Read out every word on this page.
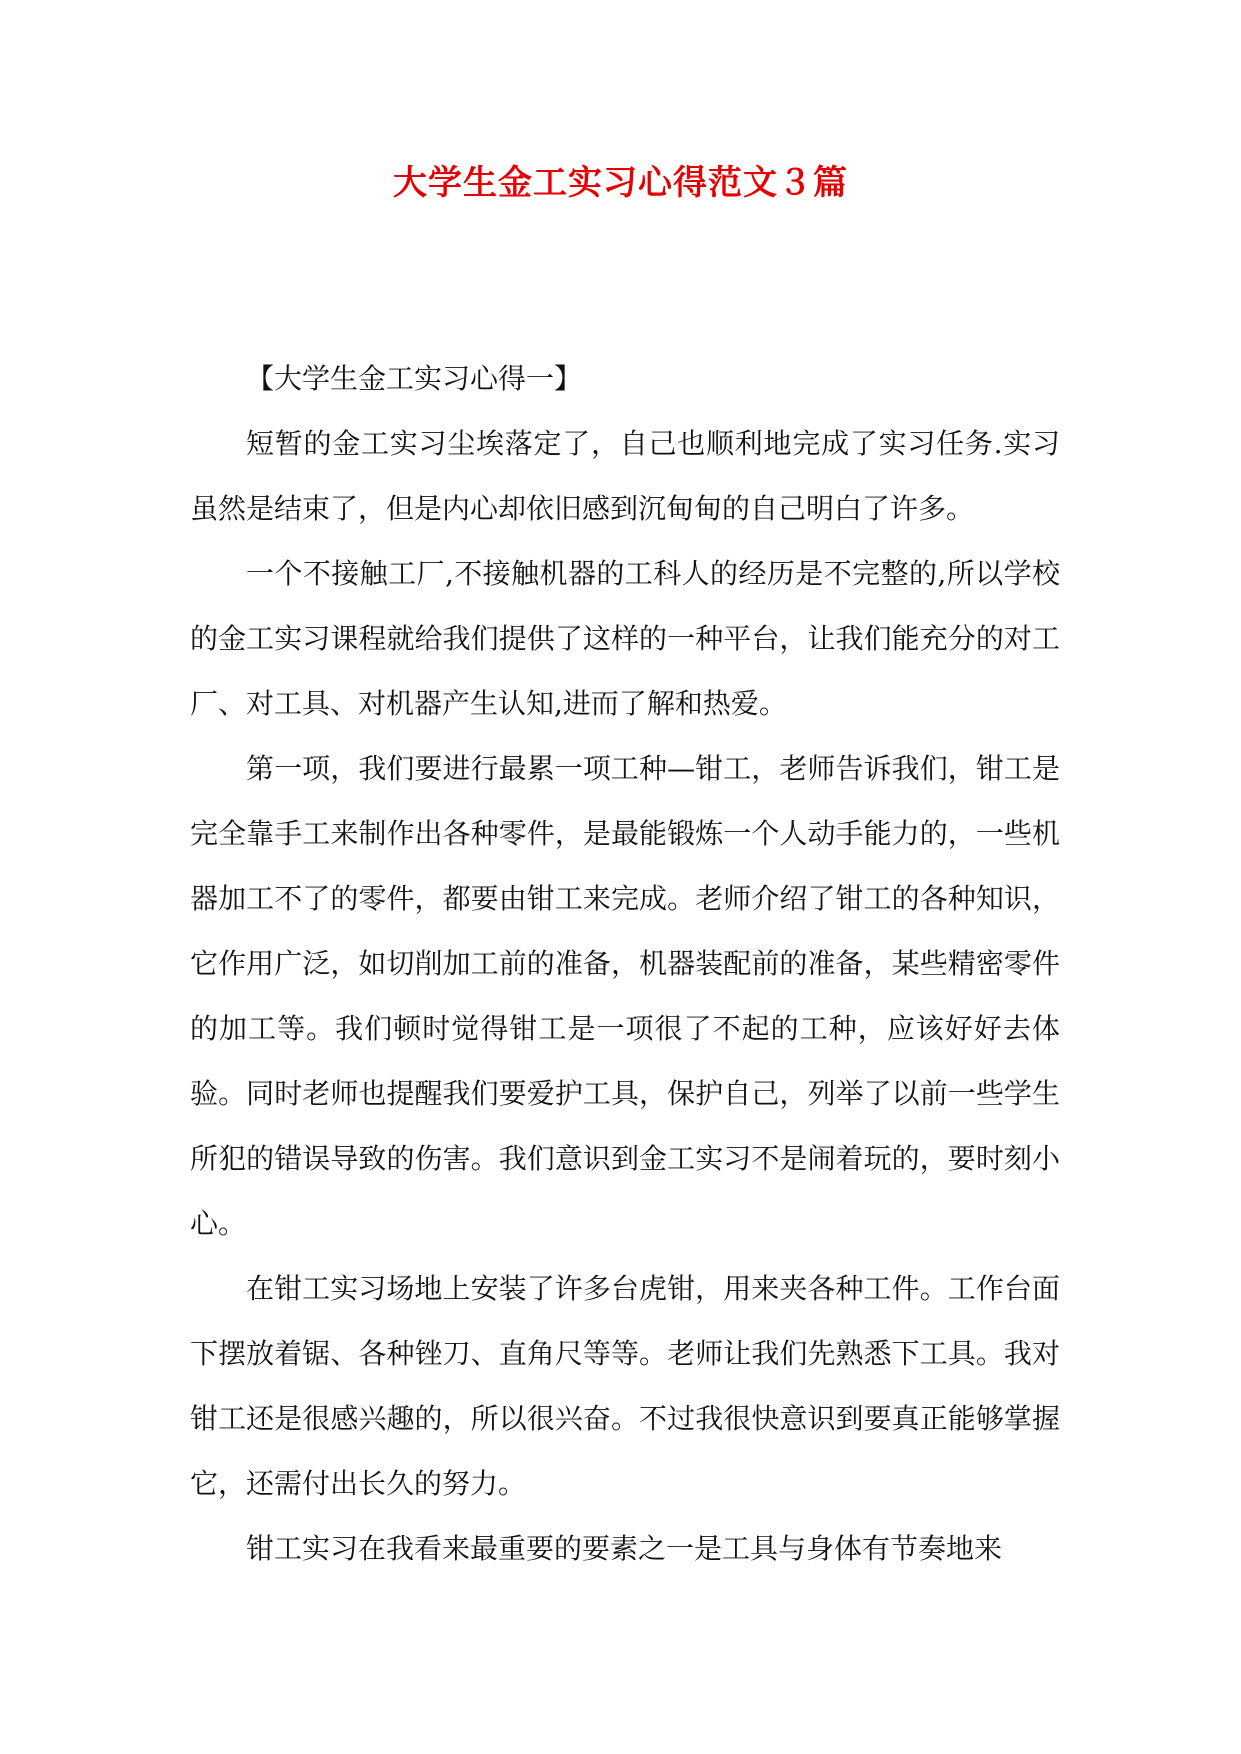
大学生金工实习心得范文３篇

【大学生金工实习心得一】

短暂的金工实习尘埃落定了，自己也顺利地完成了实习任务.实习虽然是结束了，但是内心却依旧感到沉甸甸的自己明白了许多。

一个不接触工厂,不接触机器的工科人的经历是不完整的,所以学校的金工实习课程就给我们提供了这样的一种平台，让我们能充分的对工厂、对工具、对机器产生认知,进而了解和热爱。

第一项，我们要进行最累一项工种—钳工，老师告诉我们，钳工是完全靠手工来制作出各种零件，是最能锻炼一个人动手能力的，一些机器加工不了的零件，都要由钳工来完成。老师介绍了钳工的各种知识，它作用广泛，如切削加工前的准备，机器装配前的准备，某些精密零件的加工等。我们顿时觉得钳工是一项很了不起的工种，应该好好去体验。同时老师也提醒我们要爱护工具，保护自己，列举了以前一些学生所犯的错误导致的伤害。我们意识到金工实习不是闹着玩的，要时刻小心。

在钳工实习场地上安装了许多台虎钳，用来夹各种工件。工作台面下摆放着锯、各种锉刀、直角尺等等。老师让我们先熟悉下工具。我对钳工还是很感兴趣的，所以很兴奋。不过我很快意识到要真正能够掌握它，还需付出长久的努力。

钳工实习在我看来最重要的要素之一是工具与身体有节奏地来
